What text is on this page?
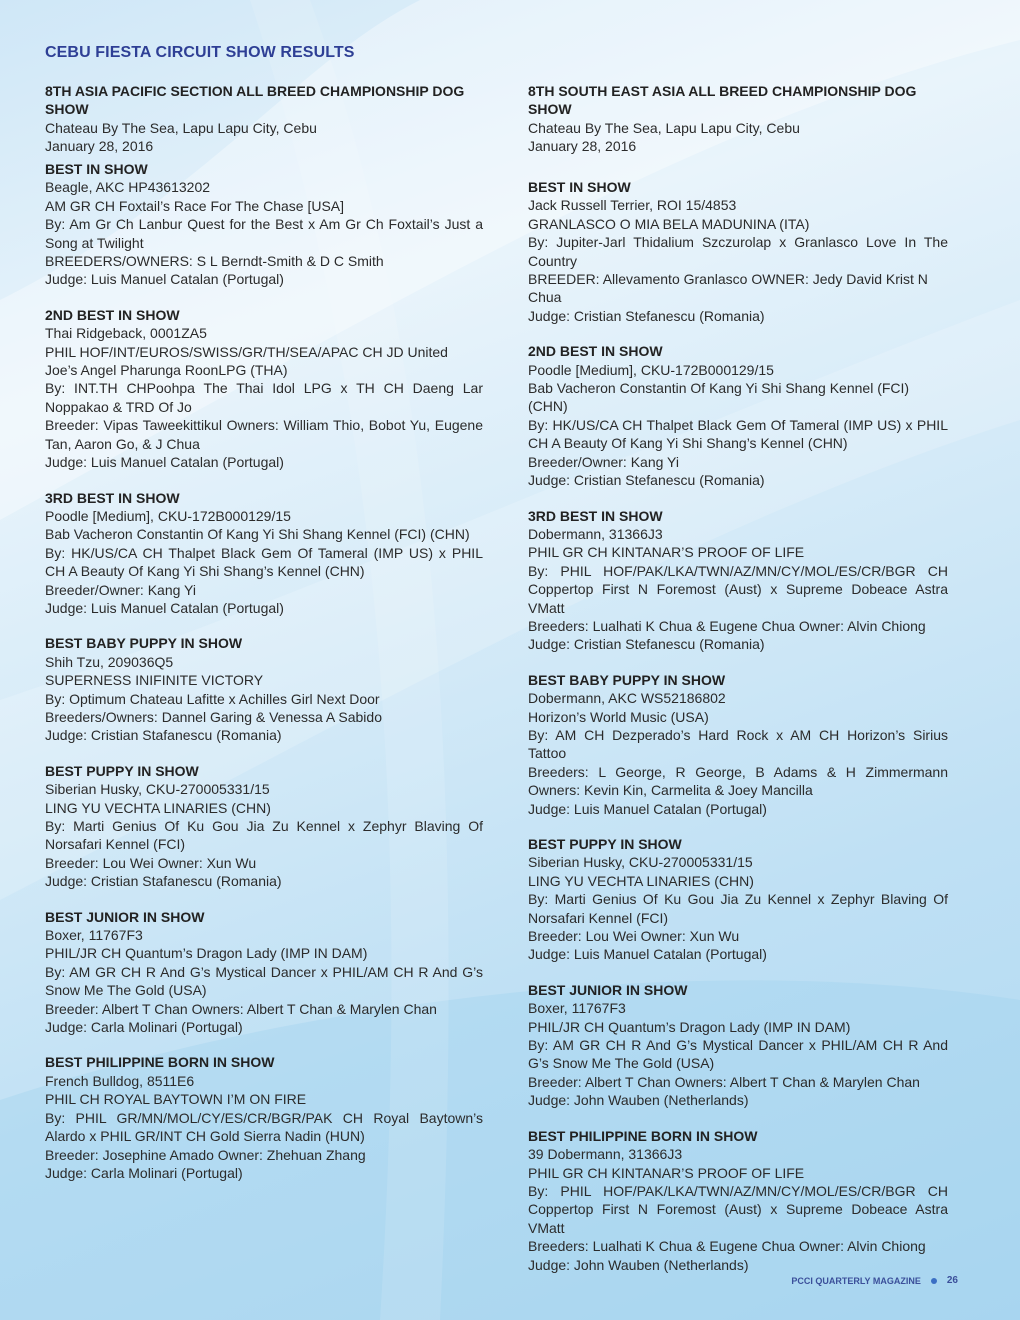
CEBU FIESTA CIRCUIT SHOW RESULTS
8TH ASIA PACIFIC SECTION ALL BREED CHAMPIONSHIP DOG SHOW
Chateau By The Sea, Lapu Lapu City, Cebu
January 28, 2016
BEST IN SHOW
Beagle, AKC HP43613202
AM GR CH Foxtail’s Race For The Chase [USA]
By: Am Gr Ch Lanbur Quest for the Best x Am Gr Ch Foxtail’s Just a Song at Twilight
BREEDERS/OWNERS: S L Berndt-Smith & D C Smith
Judge: Luis Manuel Catalan (Portugal)
2ND BEST IN SHOW
Thai Ridgeback, 0001ZA5
PHIL HOF/INT/EUROS/SWISS/GR/TH/SEA/APAC CH JD United Joe’s Angel Pharunga RoonLPG (THA)
By: INT.TH CHPoohpa The Thai Idol LPG x TH CH Daeng Lar Noppakao & TRD Of Jo
Breeder: Vipas Taweekittikul Owners: William Thio, Bobot Yu, Eugene Tan, Aaron Go, & J Chua
Judge: Luis Manuel Catalan (Portugal)
3RD BEST IN SHOW
Poodle [Medium], CKU-172B000129/15
Bab Vacheron Constantin Of Kang Yi Shi Shang Kennel (FCI) (CHN)
By: HK/US/CA CH Thalpet Black Gem Of Tameral (IMP US) x PHIL CH A Beauty Of Kang Yi Shi Shang’s Kennel (CHN)
Breeder/Owner: Kang Yi
Judge: Luis Manuel Catalan (Portugal)
BEST BABY PUPPY IN SHOW
Shih Tzu, 209036Q5
SUPERNESS INIFINITE VICTORY
By: Optimum Chateau Lafitte x Achilles Girl Next Door
Breeders/Owners: Dannel Garing & Venessa A Sabido
Judge: Cristian Stafanescu (Romania)
BEST PUPPY IN SHOW
Siberian Husky, CKU-270005331/15
LING YU VECHTA LINARIES (CHN)
By: Marti Genius Of Ku Gou Jia Zu Kennel x Zephyr Blaving Of Norsafari Kennel (FCI)
Breeder: Lou Wei Owner: Xun Wu
Judge: Cristian Stafanescu (Romania)
BEST JUNIOR IN SHOW
Boxer, 11767F3
PHIL/JR CH Quantum’s Dragon Lady (IMP IN DAM)
By: AM GR CH R And G’s Mystical Dancer x PHIL/AM CH R And G’s Snow Me The Gold (USA)
Breeder: Albert T Chan Owners: Albert T Chan & Marylen Chan
Judge: Carla Molinari (Portugal)
BEST PHILIPPINE BORN IN SHOW
French Bulldog, 8511E6
PHIL CH ROYAL BAYTOWN I’M ON FIRE
By: PHIL GR/MN/MOL/CY/ES/CR/BGR/PAK CH Royal Baytown’s Alardo x PHIL GR/INT CH Gold Sierra Nadin (HUN)
Breeder: Josephine Amado Owner: Zhehuan Zhang
Judge: Carla Molinari (Portugal)
8TH SOUTH EAST ASIA ALL BREED CHAMPIONSHIP DOG SHOW
Chateau By The Sea, Lapu Lapu City, Cebu
January 28, 2016
BEST IN SHOW
Jack Russell Terrier, ROI 15/4853
GRANLASCO O MIA BELA MADUNINA (ITA)
By: Jupiter-Jarl Thidalium Szczurolap x Granlasco Love In The Country
BREEDER: Allevamento Granlasco OWNER: Jedy David Krist N Chua
Judge: Cristian Stefanescu (Romania)
2ND BEST IN SHOW
Poodle [Medium], CKU-172B000129/15
Bab Vacheron Constantin Of Kang Yi Shi Shang Kennel (FCI) (CHN)
By: HK/US/CA CH Thalpet Black Gem Of Tameral (IMP US) x PHIL CH A Beauty Of Kang Yi Shi Shang’s Kennel (CHN)
Breeder/Owner: Kang Yi
Judge: Cristian Stefanescu (Romania)
3RD BEST IN SHOW
Dobermann, 31366J3
PHIL GR CH KINTANAR’S PROOF OF LIFE
By: PHIL HOF/PAK/LKA/TWN/AZ/MN/CY/MOL/ES/CR/BGR CH Coppertop First N Foremost (Aust) x Supreme Dobeace Astra VMatt
Breeders: Lualhati K Chua & Eugene Chua Owner: Alvin Chiong
Judge: Cristian Stefanescu (Romania)
BEST BABY PUPPY IN SHOW
Dobermann, AKC WS52186802
Horizon’s World Music (USA)
By: AM CH Dezperado’s Hard Rock x AM CH Horizon’s Sirius Tattoo
Breeders: L George, R George, B Adams & H Zimmermann Owners: Kevin Kin, Carmelita & Joey Mancilla
Judge: Luis Manuel Catalan (Portugal)
BEST PUPPY IN SHOW
Siberian Husky, CKU-270005331/15
LING YU VECHTA LINARIES (CHN)
By: Marti Genius Of Ku Gou Jia Zu Kennel x Zephyr Blaving Of Norsafari Kennel (FCI)
Breeder: Lou Wei Owner: Xun Wu
Judge: Luis Manuel Catalan (Portugal)
BEST JUNIOR IN SHOW
Boxer, 11767F3
PHIL/JR CH Quantum’s Dragon Lady (IMP IN DAM)
By: AM GR CH R And G’s Mystical Dancer x PHIL/AM CH R And G’s Snow Me The Gold (USA)
Breeder: Albert T Chan Owners: Albert T Chan & Marylen Chan
Judge: John Wauben (Netherlands)
BEST PHILIPPINE BORN IN SHOW
39 Dobermann, 31366J3
PHIL GR CH KINTANAR’S PROOF OF LIFE
By: PHIL HOF/PAK/LKA/TWN/AZ/MN/CY/MOL/ES/CR/BGR CH Coppertop First N Foremost (Aust) x Supreme Dobeace Astra VMatt
Breeders: Lualhati K Chua & Eugene Chua Owner: Alvin Chiong
Judge: John Wauben (Netherlands)
PCCI QUARTERLY MAGAZINE	26
